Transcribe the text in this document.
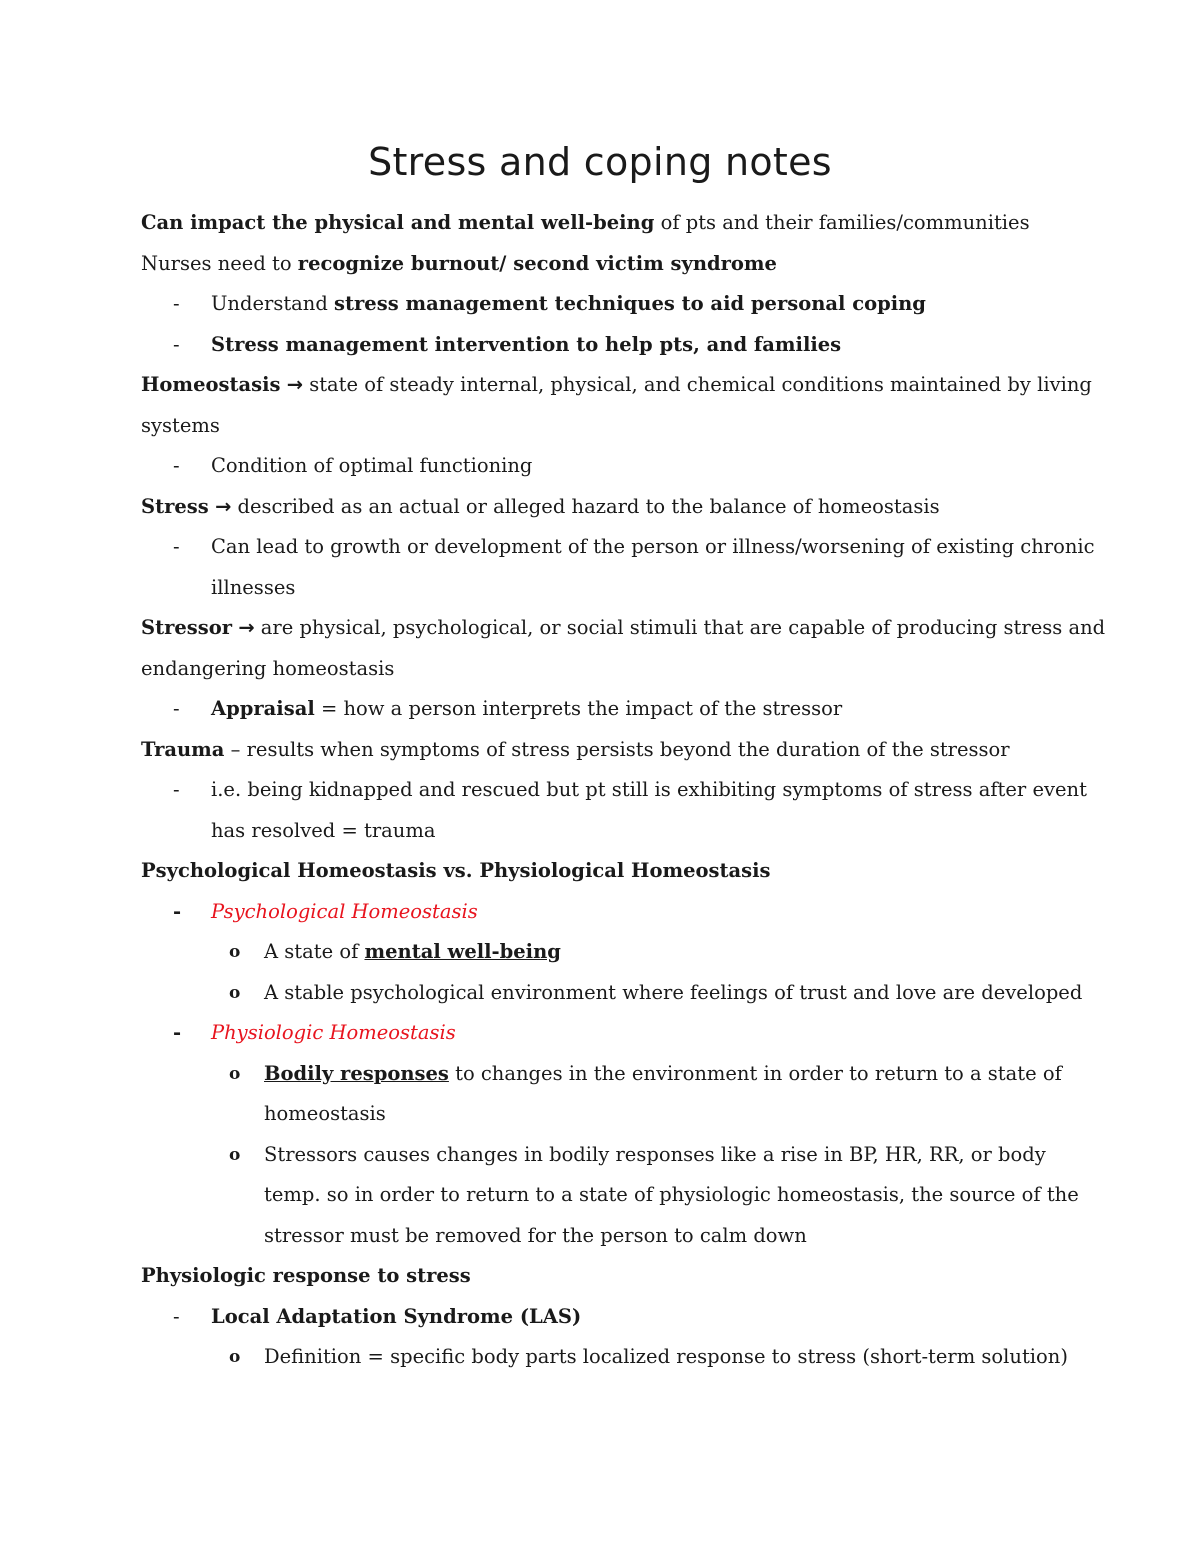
Stress and coping notes
Can impact the physical and mental well-being of pts and their families/communities
Nurses need to recognize burnout/ second victim syndrome
- Understand stress management techniques to aid personal coping
- Stress management intervention to help pts, and families
Homeostasis → state of steady internal, physical, and chemical conditions maintained by living
systems
- Condition of optimal functioning
Stress → described as an actual or alleged hazard to the balance of homeostasis
- Can lead to growth or development of the person or illness/worsening of existing chronic
illnesses
Stressor → are physical, psychological, or social stimuli that are capable of producing stress and
endangering homeostasis
- Appraisal = how a person interprets the impact of the stressor
Trauma – results when symptoms of stress persists beyond the duration of the stressor
- i.e. being kidnapped and rescued but pt still is exhibiting symptoms of stress after event
has resolved = trauma
Psychological Homeostasis vs. Physiological Homeostasis
- Psychological Homeostasis
o A state of mental well-being
o A stable psychological environment where feelings of trust and love are developed
- Physiologic Homeostasis
o Bodily responses to changes in the environment in order to return to a state of
homeostasis
o Stressors causes changes in bodily responses like a rise in BP, HR, RR, or body
temp. so in order to return to a state of physiologic homeostasis, the source of the
stressor must be removed for the person to calm down
Physiologic response to stress
- Local Adaptation Syndrome (LAS)
o Definition = specific body parts localized response to stress (short-term solution)
